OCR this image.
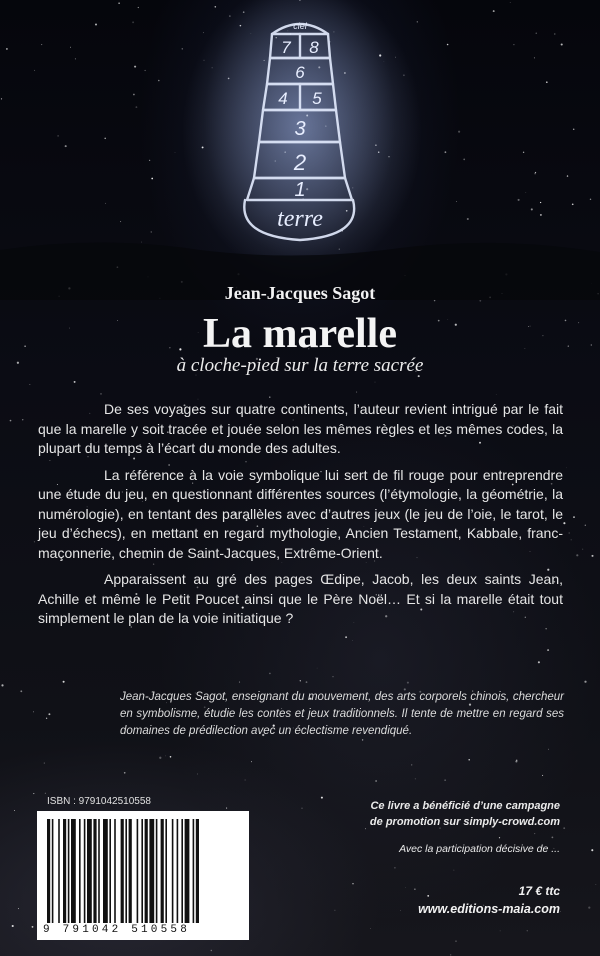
ciel
7 8
6
4 5
3
2
1
terre
Jean-Jacques Sagot
La marelle
à cloche-pied sur la terre sacrée

De ses voyages sur quatre continents, l’auteur revient intrigué par le fait que la marelle y soit tracée et jouée selon les mêmes règles et les mêmes codes, la plupart du temps à l’écart du monde des adultes.

La référence à la voie symbolique lui sert de fil rouge pour entreprendre une étude du jeu, en questionnant différentes sources (l’étymologie, la géométrie, la numérologie), en tentant des parallèles avec d’autres jeux (le jeu de l’oie, le tarot, le jeu d’échecs), en mettant en regard mythologie, Ancien Testament, Kabbale, franc-maçonnerie, chemin de Saint-Jacques, Extrême-Orient.

Apparaissent au gré des pages Œdipe, Jacob, les deux saints Jean, Achille et même le Petit Poucet ainsi que le Père Noël… Et si la marelle était tout simplement le plan de la voie initiatique ?

Jean-Jacques Sagot, enseignant du mouvement, des arts corporels chinois, chercheur en symbolisme, étudie les contes et jeux traditionnels. Il tente de mettre en regard ses domaines de prédilection avec un éclectisme revendiqué.
ISBN : 9791042510558
9 791042 510558
Ce livre a bénéficié d’une campagne
de promotion sur simply-crowd.com
Avec la participation décisive de ...
17 € ttc
www.editions-maia.com
